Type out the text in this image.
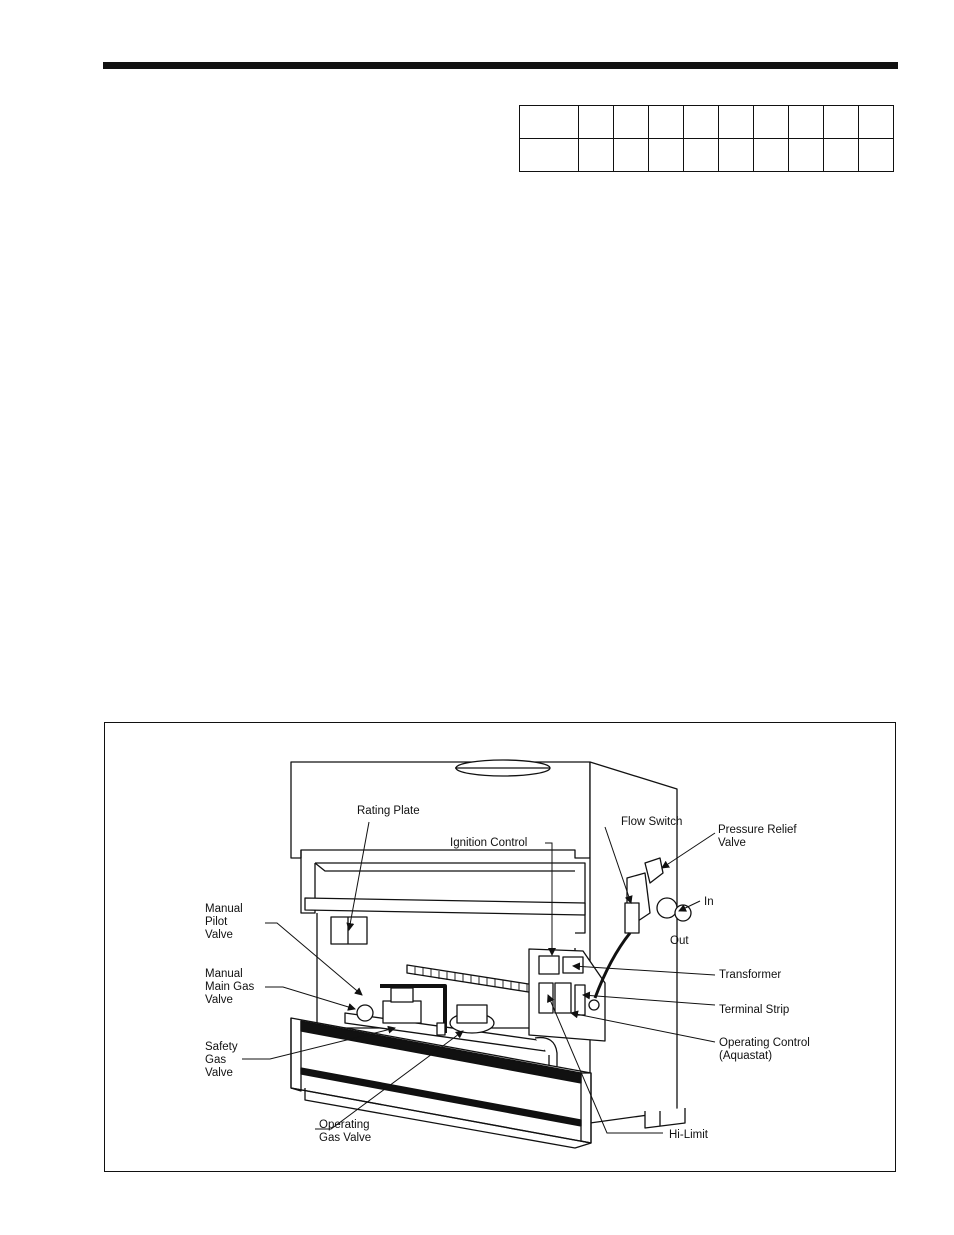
Rating Plate
Ignition Control
Flow Switch
Pressure Relief
Valve
In
Out
Manual
Pilot
Valve
Manual
Main Gas
Valve
Safety
Gas
Valve
Operating
Gas Valve
Transformer
Terminal Strip
Operating Control
(Aquastat)
Hi-Limit
